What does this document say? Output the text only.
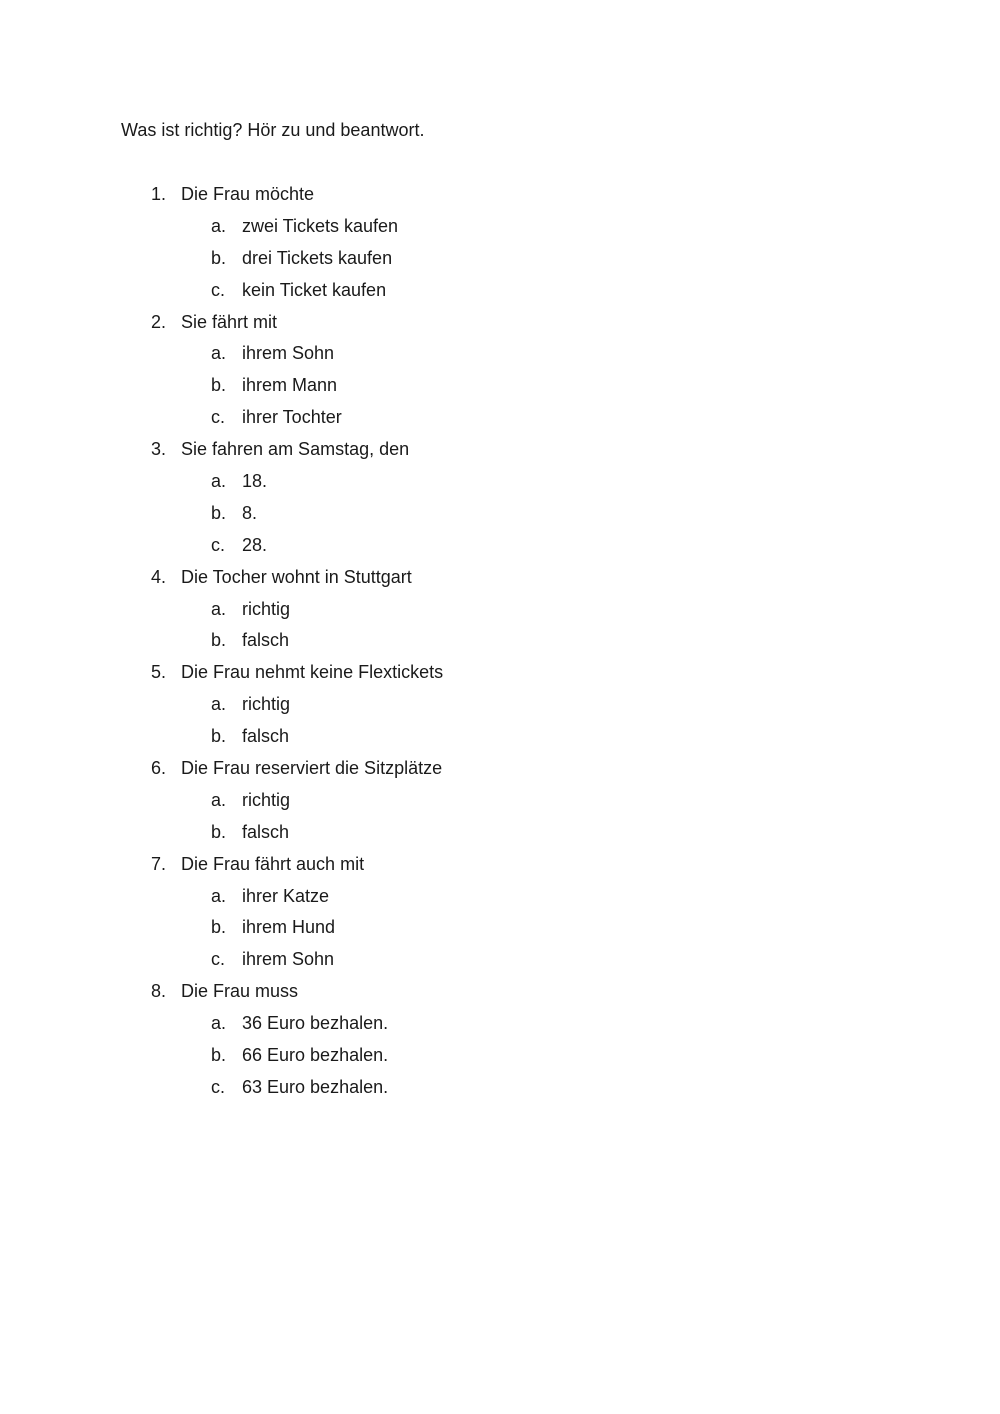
Was ist richtig? Hör zu und beantwort.
1. Die Frau möchte
a. zwei Tickets kaufen
b. drei Tickets kaufen
c. kein Ticket kaufen
2. Sie fährt mit
a. ihrem Sohn
b. ihrem Mann
c. ihrer Tochter
3. Sie fahren am Samstag, den
a. 18.
b. 8.
c. 28.
4. Die Tocher wohnt in Stuttgart
a. richtig
b. falsch
5. Die Frau nehmt keine Flextickets
a. richtig
b. falsch
6. Die Frau reserviert die Sitzplätze
a. richtig
b. falsch
7. Die Frau fährt auch mit
a. ihrer Katze
b. ihrem Hund
c. ihrem Sohn
8. Die Frau muss
a. 36 Euro bezhalen.
b. 66 Euro bezhalen.
c. 63 Euro bezhalen.
